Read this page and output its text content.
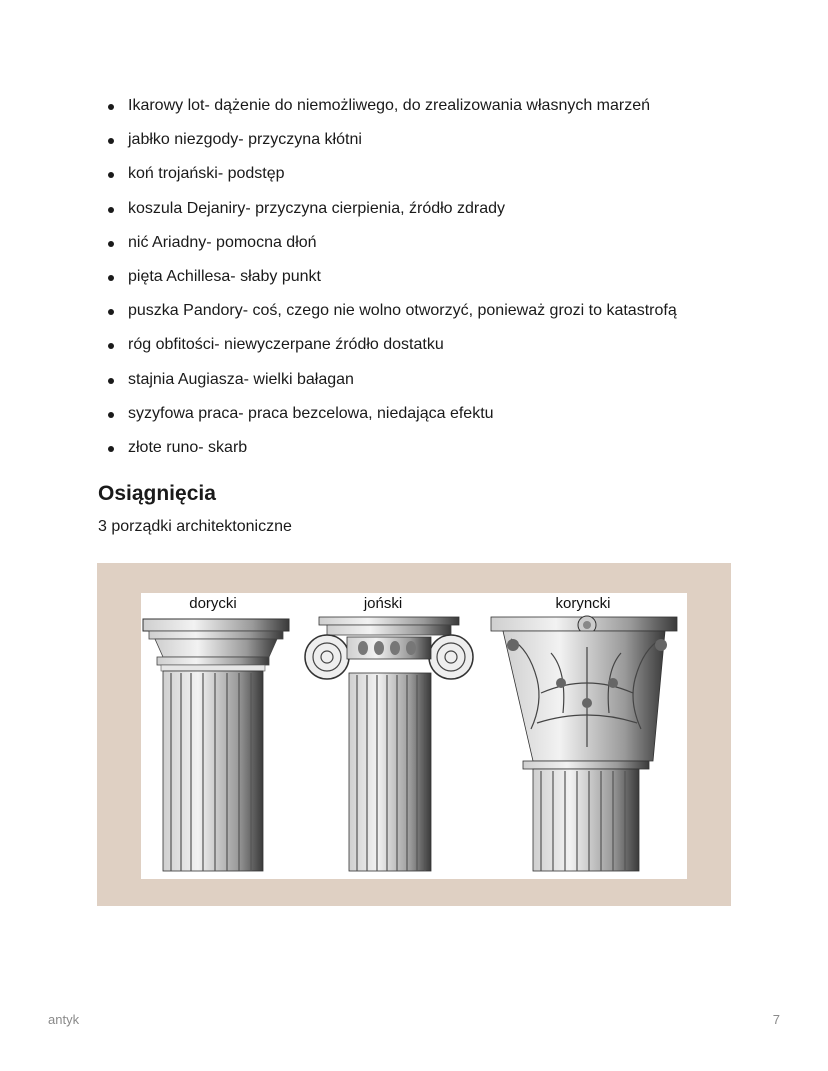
Ikarowy lot- dążenie do niemożliwego, do zrealizowania własnych marzeń
jabłko niezgody- przyczyna kłótni
koń trojański- podstęp
koszula Dejaniry- przyczyna cierpienia, źródło zdrady
nić Ariadny- pomocna dłoń
pięta Achillesa- słaby punkt
puszka Pandory- coś, czego nie wolno otworzyć, ponieważ grozi to katastrofą
róg obfitości- niewyczerpane źródło dostatku
stajnia Augiasza- wielki bałagan
syzyfowa praca- praca bezcelowa, niedająca efektu
złote runo- skarb
Osiągnięcia

3 porządki architektoniczne

dorycki	joński	koryncki
antyk	7
